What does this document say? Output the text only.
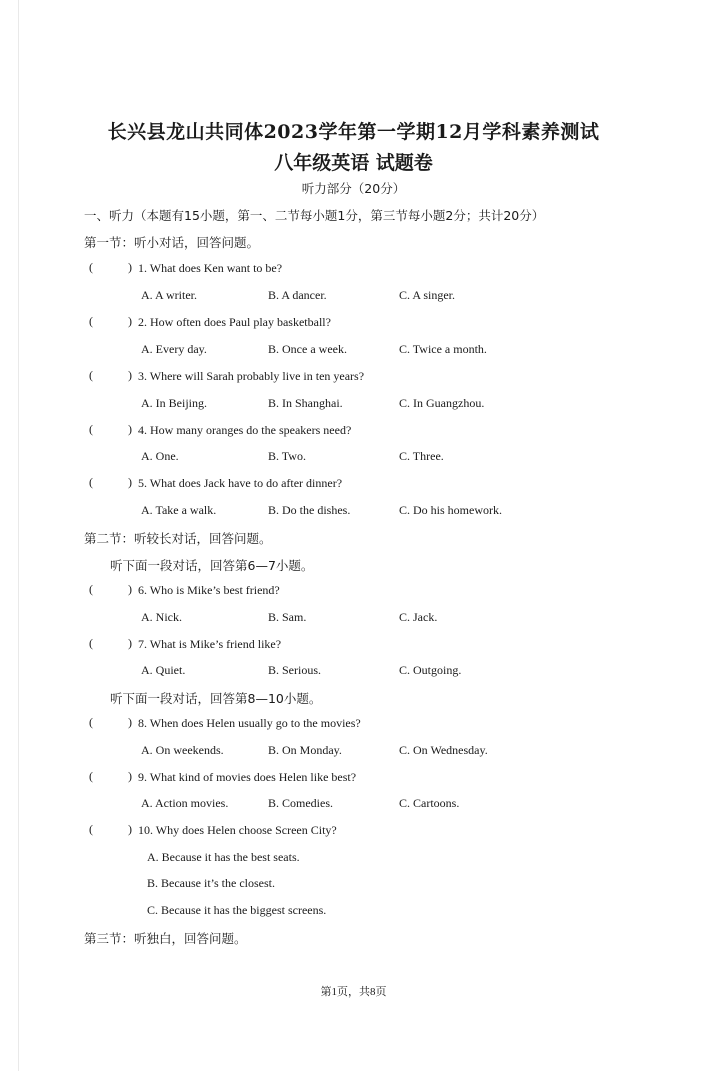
长兴县龙山共同体2023学年第一学期12月学科素养测试
八年级英语 试题卷
听力部分（20分）
一、听力（本题有15小题，第一、二节每小题1分，第三节每小题2分；共计20分）
第一节：听小对话，回答问题。
(	) 1. What does Ken want to be?
A. A writer.	B. A dancer.	C. A singer.
(	) 2. How often does Paul play basketball?
A. Every day.	B. Once a week.	C. Twice a month.
(	) 3. Where will Sarah probably live in ten years?
A. In Beijing.	B. In Shanghai.	C. In Guangzhou.
(	) 4. How many oranges do the speakers need?
A. One.	B. Two.	C. Three.
(	) 5. What does Jack have to do after dinner?
A. Take a walk.	B. Do the dishes.	C. Do his homework.
第二节：听较长对话，回答问题。
听下面一段对话，回答第6—7小题。
(	) 6. Who is Mike’s best friend?
A. Nick.	B. Sam.	C. Jack.
(	) 7. What is Mike’s friend like?
A. Quiet.	B. Serious.	C. Outgoing.
听下面一段对话，回答第8—10小题。
(	) 8. When does Helen usually go to the movies?
A. On weekends.	B. On Monday.	C. On Wednesday.
(	) 9. What kind of movies does Helen like best?
A. Action movies.	B. Comedies.	C. Cartoons.
(	) 10. Why does Helen choose Screen City?
A. Because it has the best seats.
B. Because it’s the closest.
C. Because it has the biggest screens.
第三节：听独白，回答问题。
第1页，共8页
